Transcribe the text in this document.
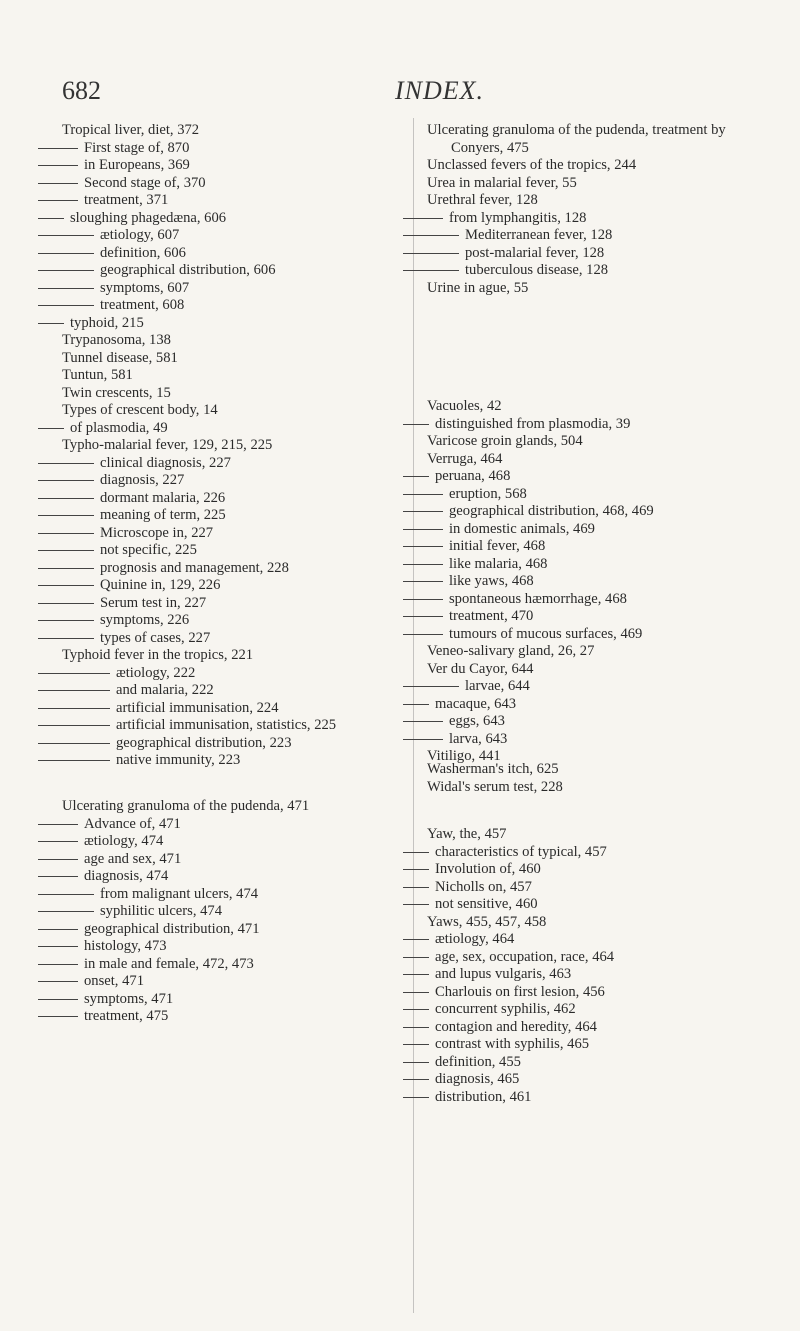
682	INDEX.
Tropical liver, diet, 372
First stage of, 870
in Europeans, 369
Second stage of, 370
treatment, 371
sloughing phagedæna, 606
ætiology, 607
definition, 606
geographical distribution, 606
symptoms, 607
treatment, 608
typhoid, 215
Trypanosoma, 138
Tunnel disease, 581
Tuntun, 581
Twin crescents, 15
Types of crescent body, 14
of plasmodia, 49
Typho-malarial fever, 129, 215, 225
clinical diagnosis, 227
diagnosis, 227
dormant malaria, 226
meaning of term, 225
Microscope in, 227
not specific, 225
prognosis and management, 228
Quinine in, 129, 226
Serum test in, 227
symptoms, 226
types of cases, 227
Typhoid fever in the tropics, 221
ætiology, 222
and malaria, 222
artificial immunisation, 224
artificial immunisation, statistics, 225
geographical distribution, 223
native immunity, 223
Ulcerating granuloma of the pudenda, 471
Advance of, 471
ætiology, 474
age and sex, 471
diagnosis, 474
from malignant ulcers, 474
syphilitic ulcers, 474
geographical distribution, 471
histology, 473
in male and female, 472, 473
onset, 471
symptoms, 471
treatment, 475
Ulcerating granuloma of the pudenda, treatment by Conyers, 475
Unclassed fevers of the tropics, 244
Urea in malarial fever, 55
Urethral fever, 128
from lymphangitis, 128
Mediterranean fever, 128
post-malarial fever, 128
tuberculous disease, 128
Urine in ague, 55
Vacuoles, 42
distinguished from plasmodia, 39
Varicose groin glands, 504
Verruga, 464
peruana, 468
eruption, 568
geographical distribution, 468, 469
in domestic animals, 469
initial fever, 468
like malaria, 468
like yaws, 468
spontaneous hæmorrhage, 468
treatment, 470
tumours of mucous surfaces, 469
Veneo-salivary gland, 26, 27
Ver du Cayor, 644
larvae, 644
macaque, 643
eggs, 643
larva, 643
Vitiligo, 441
Washerman's itch, 625
Widal's serum test, 228
Yaw, the, 457
characteristics of typical, 457
Involution of, 460
Nicholls on, 457
not sensitive, 460
Yaws, 455, 457, 458
ætiology, 464
age, sex, occupation, race, 464
and lupus vulgaris, 463
Charlouis on first lesion, 456
concurrent syphilis, 462
contagion and heredity, 464
contrast with syphilis, 465
definition, 455
diagnosis, 465
distribution, 461
